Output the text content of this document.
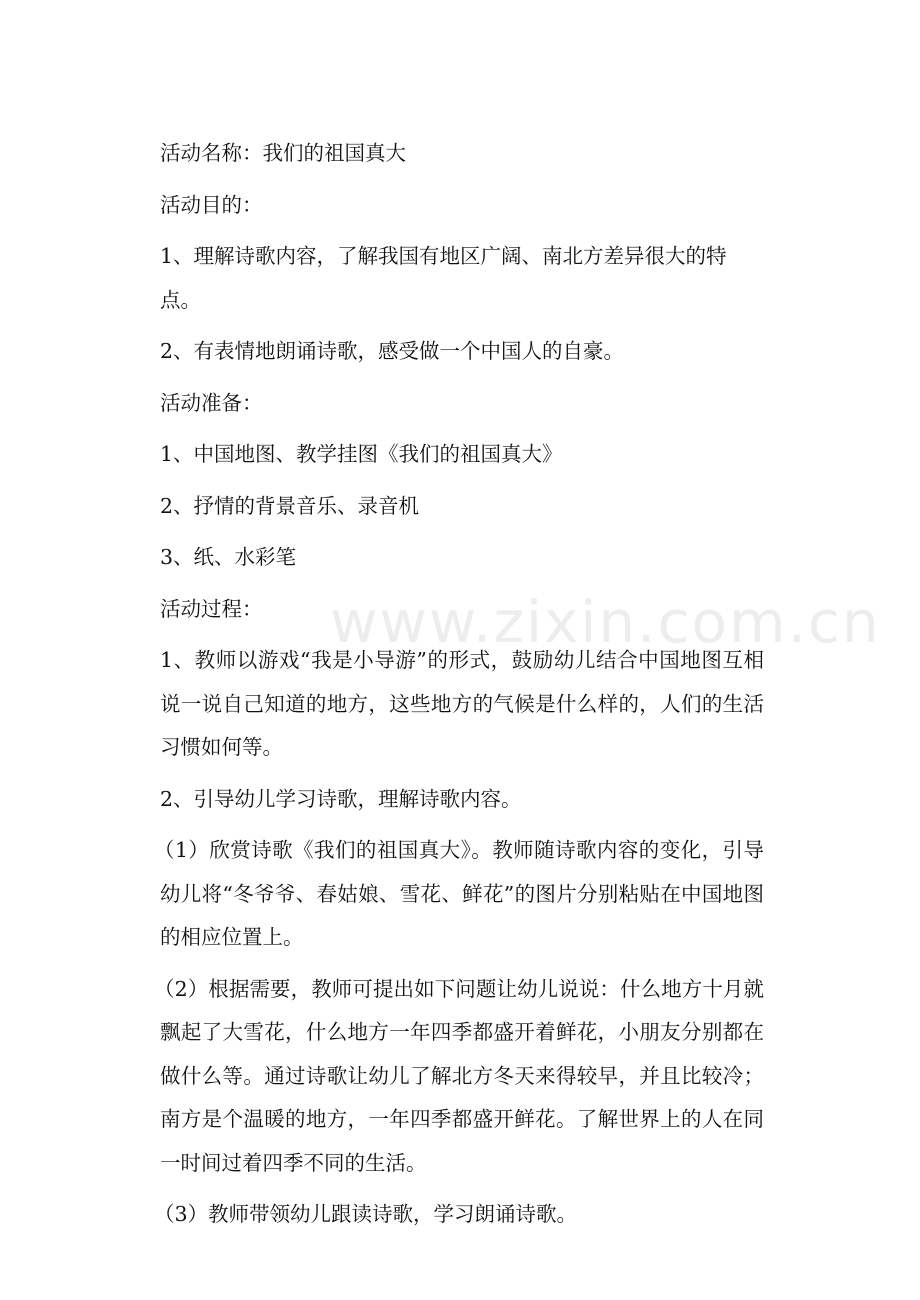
www.zixin.com.cn

活动名称：我们的祖国真大

活动目的：

1、理解诗歌内容，了解我国有地区广阔、南北方差异很大的特点。

2、有表情地朗诵诗歌，感受做一个中国人的自豪。

活动准备：

1、中国地图、教学挂图《我们的祖国真大》

2、抒情的背景音乐、录音机

3、纸、水彩笔

活动过程：

1、教师以游戏“我是小导游”的形式，鼓励幼儿结合中国地图互相说一说自己知道的地方，这些地方的气候是什么样的，人们的生活习惯如何等。

2、引导幼儿学习诗歌，理解诗歌内容。

（1）欣赏诗歌《我们的祖国真大》。教师随诗歌内容的变化，引导幼儿将“冬爷爷、春姑娘、雪花、鲜花”的图片分别粘贴在中国地图的相应位置上。

（2）根据需要，教师可提出如下问题让幼儿说说：什么地方十月就飘起了大雪花，什么地方一年四季都盛开着鲜花，小朋友分别都在做什么等。通过诗歌让幼儿了解北方冬天来得较早，并且比较冷；南方是个温暖的地方，一年四季都盛开鲜花。了解世界上的人在同一时间过着四季不同的生活。

（3）教师带领幼儿跟读诗歌，学习朗诵诗歌。
